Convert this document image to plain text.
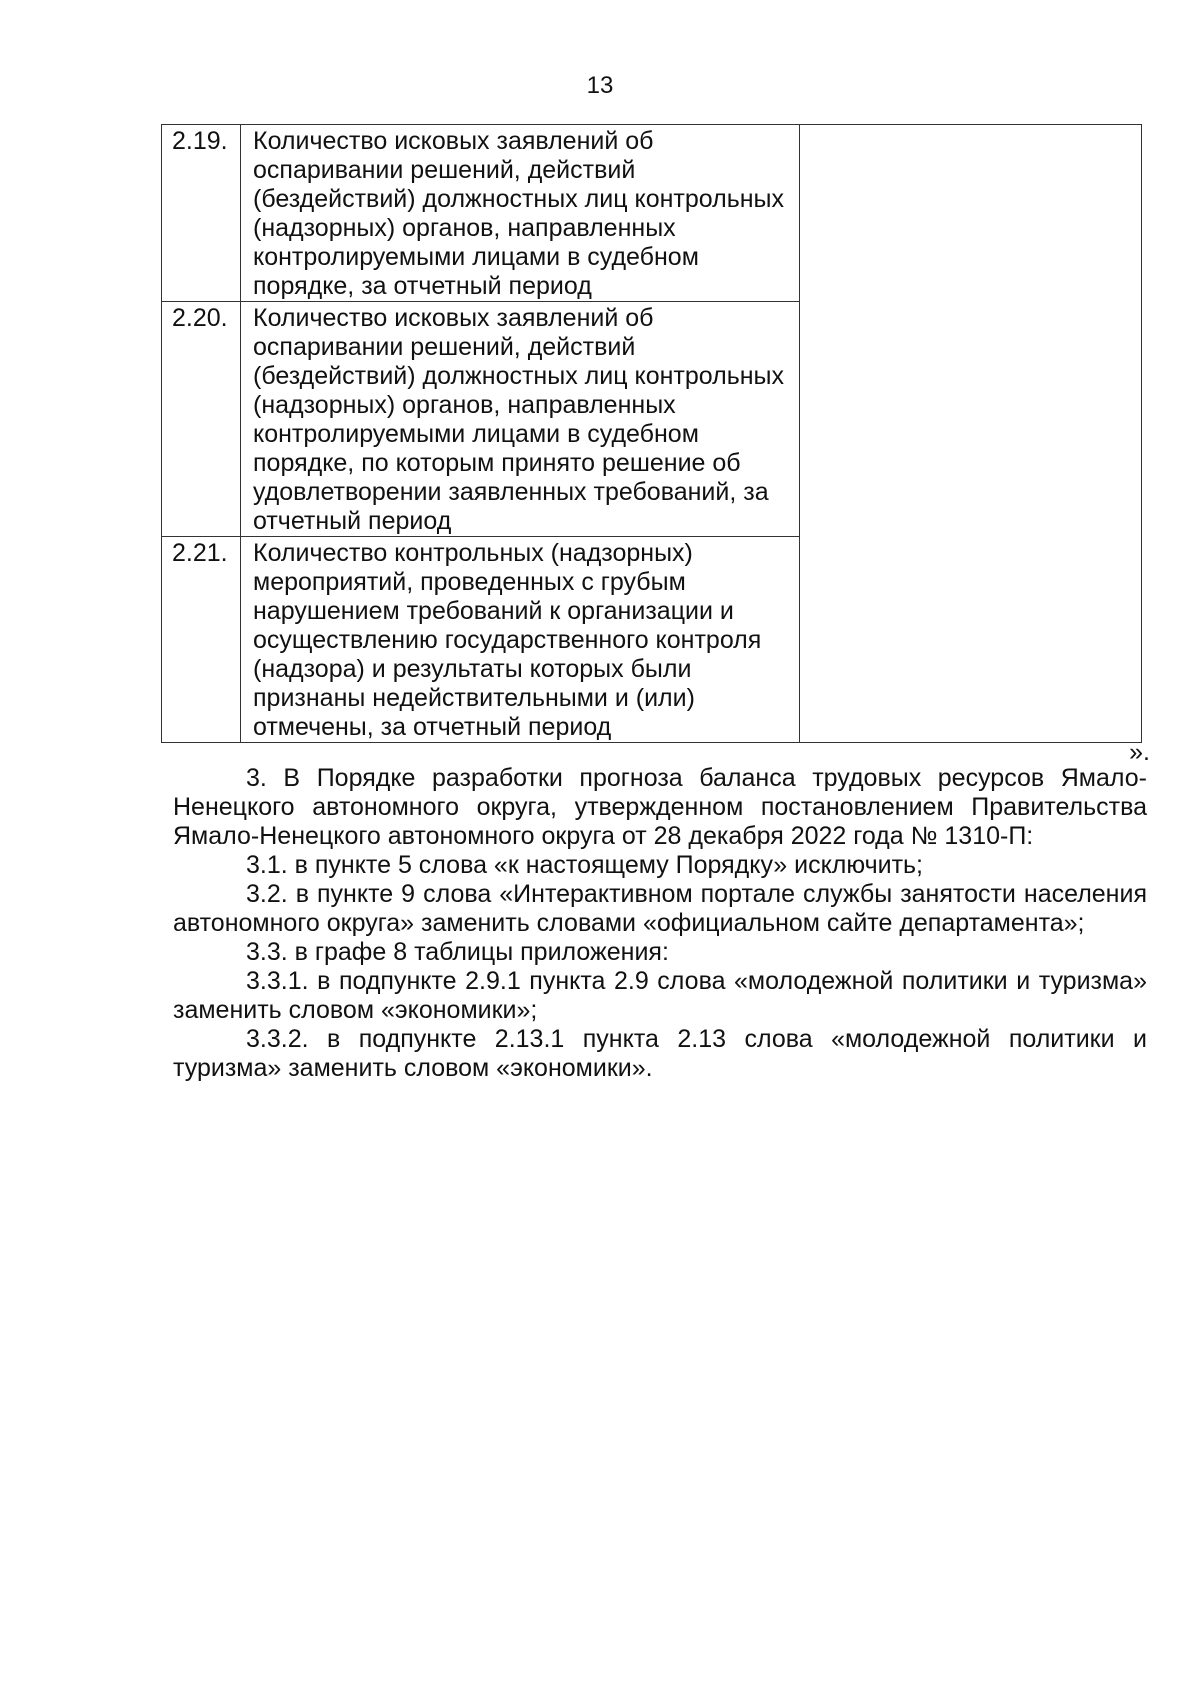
13
2.19.	Количество исковых заявлений об оспаривании решений, действий (бездействий) должностных лиц контрольных (надзорных) органов, направленных контролируемыми лицами в судебном порядке, за отчетный период	
2.20.	Количество исковых заявлений об оспаривании решений, действий (бездействий) должностных лиц контрольных (надзорных) органов, направленных контролируемыми лицами в судебном порядке, по которым принято решение об удовлетворении заявленных требований, за отчетный период	
2.21.	Количество контрольных (надзорных) мероприятий, проведенных с грубым нарушением требований к организации и осуществлению государственного контроля (надзора) и результаты которых были признаны недействительными и (или) отмечены, за отчетный период	
».

3. В Порядке разработки прогноза баланса трудовых ресурсов Ямало-Ненецкого автономного округа, утвержденном постановлением Правительства Ямало-Ненецкого автономного округа от 28 декабря 2022 года № 1310-П:

3.1. в пункте 5 слова «к настоящему Порядку» исключить;

3.2. в пункте 9 слова «Интерактивном портале службы занятости населения автономного округа» заменить словами «официальном сайте департамента»;

3.3. в графе 8 таблицы приложения:

3.3.1. в подпункте 2.9.1 пункта 2.9 слова «молодежной политики и туризма» заменить словом «экономики»;

3.3.2. в подпункте 2.13.1 пункта 2.13 слова «молодежной политики и туризма» заменить словом «экономики».
